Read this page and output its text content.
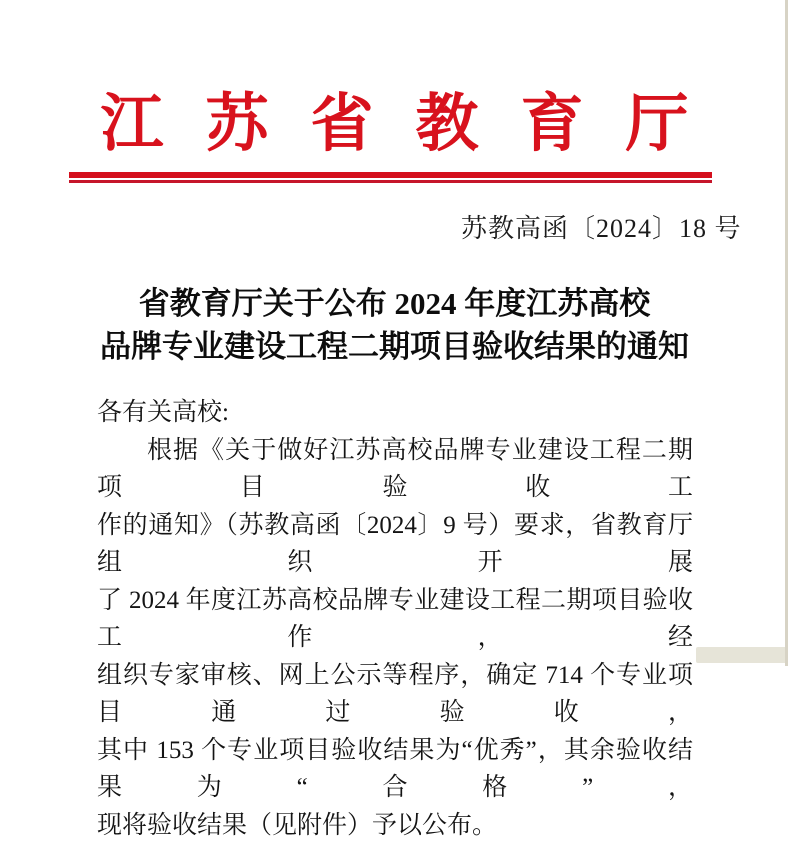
江苏省教育厅
苏教高函〔2024〕18 号
省教育厅关于公布 2024 年度江苏高校
品牌专业建设工程二期项目验收结果的通知
各有关高校:
根据《关于做好江苏高校品牌专业建设工程二期项目验收工
作的通知》（苏教高函〔2024〕9 号）要求，省教育厅组织开展
了 2024 年度江苏高校品牌专业建设工程二期项目验收工作，经
组织专家审核、网上公示等程序，确定 714 个专业项目通过验收，
其中 153 个专业项目验收结果为“优秀”，其余验收结果为“合格”，
现将验收结果（见附件）予以公布。
